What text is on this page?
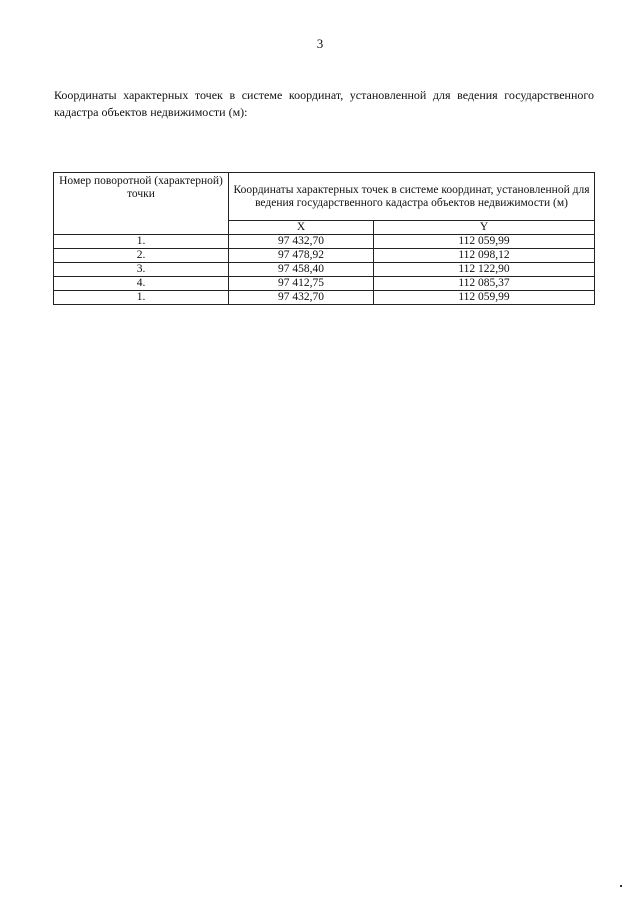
3

Координаты характерных точек в системе координат, установленной для ведения государственного кадастра объектов недвижимости (м):

Номер поворотной (характерной) точки	Координаты характерных точек в системе координат, установленной для ведения государственного кадастра объектов недвижимости (м)	
	X	Y
1.	97 432,70	112 059,99
2.	97 478,92	112 098,12
3.	97 458,40	112 122,90
4.	97 412,75	112 085,37
1.	97 432,70	112 059,99
